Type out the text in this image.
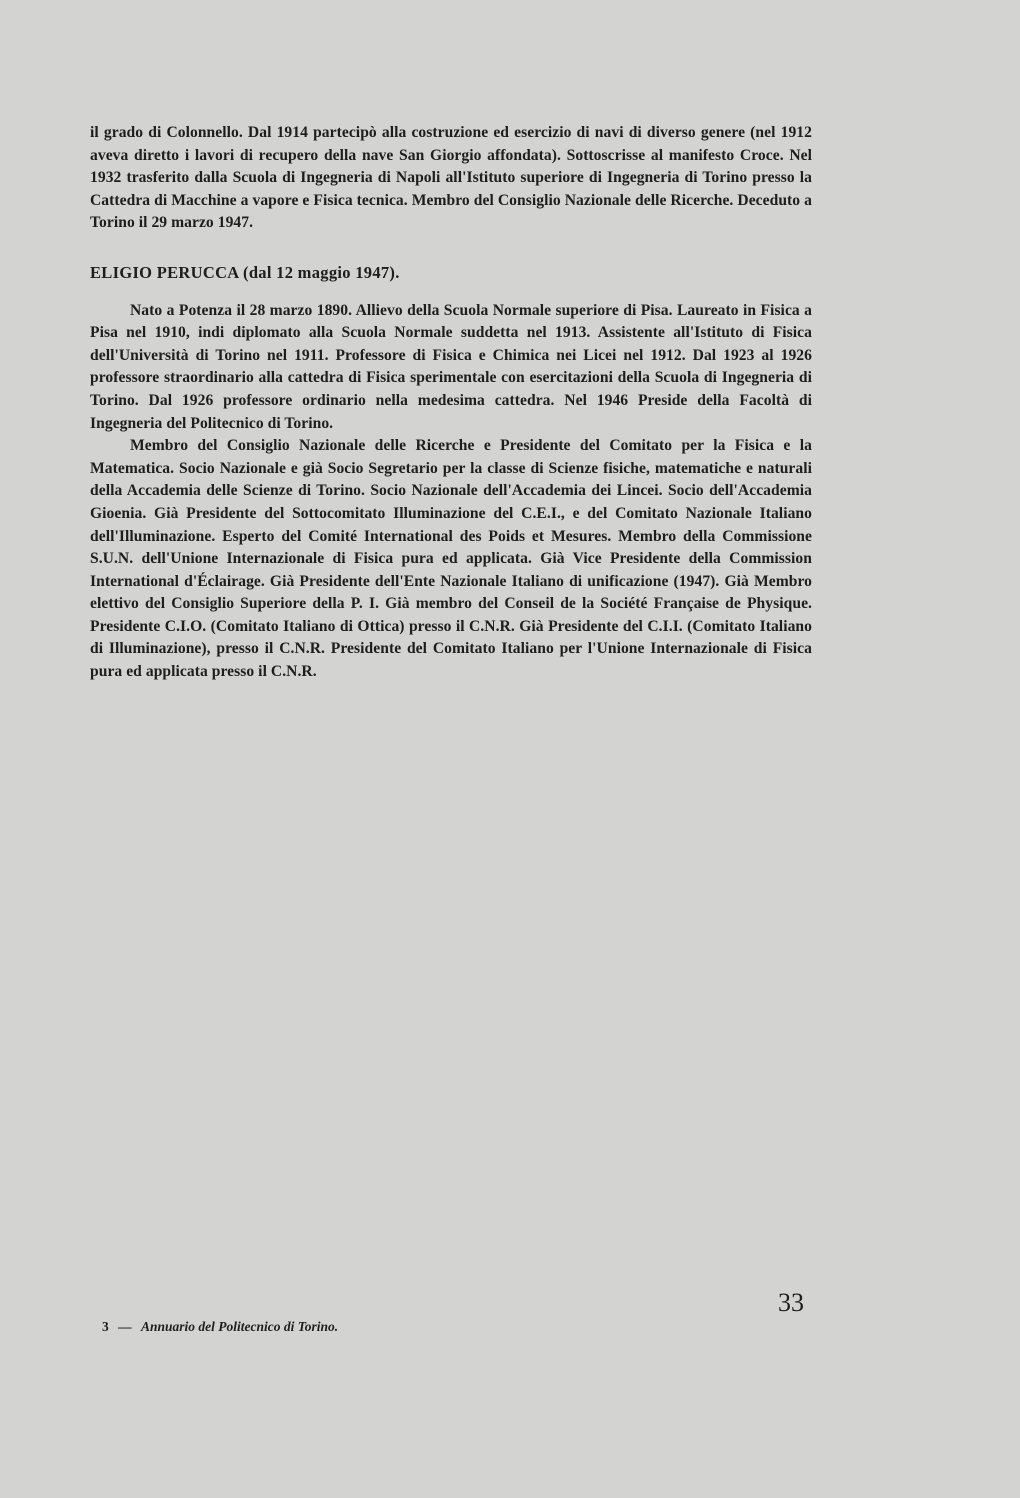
il grado di Colonnello. Dal 1914 partecipò alla costruzione ed esercizio di navi di diverso genere (nel 1912 aveva diretto i lavori di recupero della nave San Giorgio affondata). Sottoscrisse al manifesto Croce. Nel 1932 trasferito dalla Scuola di Ingegneria di Napoli all'Istituto superiore di Ingegneria di Torino presso la Cattedra di Macchine a vapore e Fisica tecnica. Membro del Consiglio Nazionale delle Ricerche. Deceduto a Torino il 29 marzo 1947.

ELIGIO PERUCCA (dal 12 maggio 1947).

Nato a Potenza il 28 marzo 1890. Allievo della Scuola Normale superiore di Pisa. Laureato in Fisica a Pisa nel 1910, indi diplomato alla Scuola Normale suddetta nel 1913. Assistente all'Istituto di Fisica dell'Università di Torino nel 1911. Professore di Fisica e Chimica nei Licei nel 1912. Dal 1923 al 1926 professore straordinario alla cattedra di Fisica sperimentale con esercitazioni della Scuola di Ingegneria di Torino. Dal 1926 professore ordinario nella medesima cattedra. Nel 1946 Preside della Facoltà di Ingegneria del Politecnico di Torino.

Membro del Consiglio Nazionale delle Ricerche e Presidente del Comitato per la Fisica e la Matematica. Socio Nazionale e già Socio Segretario per la classe di Scienze fisiche, matematiche e naturali della Accademia delle Scienze di Torino. Socio Nazionale dell'Accademia dei Lincei. Socio dell'Accademia Gioenia. Già Presidente del Sottocomitato Illuminazione del C.E.I., e del Comitato Nazionale Italiano dell'Illuminazione. Esperto del Comité International des Poids et Mesures. Membro della Commissione S.U.N. dell'Unione Internazionale di Fisica pura ed applicata. Già Vice Presidente della Commission International d'Éclairage. Già Presidente dell'Ente Nazionale Italiano di unificazione (1947). Già Membro elettivo del Consiglio Superiore della P. I. Già membro del Conseil de la Société Française de Physique. Presidente C.I.O. (Comitato Italiano di Ottica) presso il C.N.R. Già Presidente del C.I.I. (Comitato Italiano di Illuminazione), presso il C.N.R. Presidente del Comitato Italiano per l'Unione Internazionale di Fisica pura ed applicata presso il C.N.R.

33
3 — Annuario del Politecnico di Torino.
